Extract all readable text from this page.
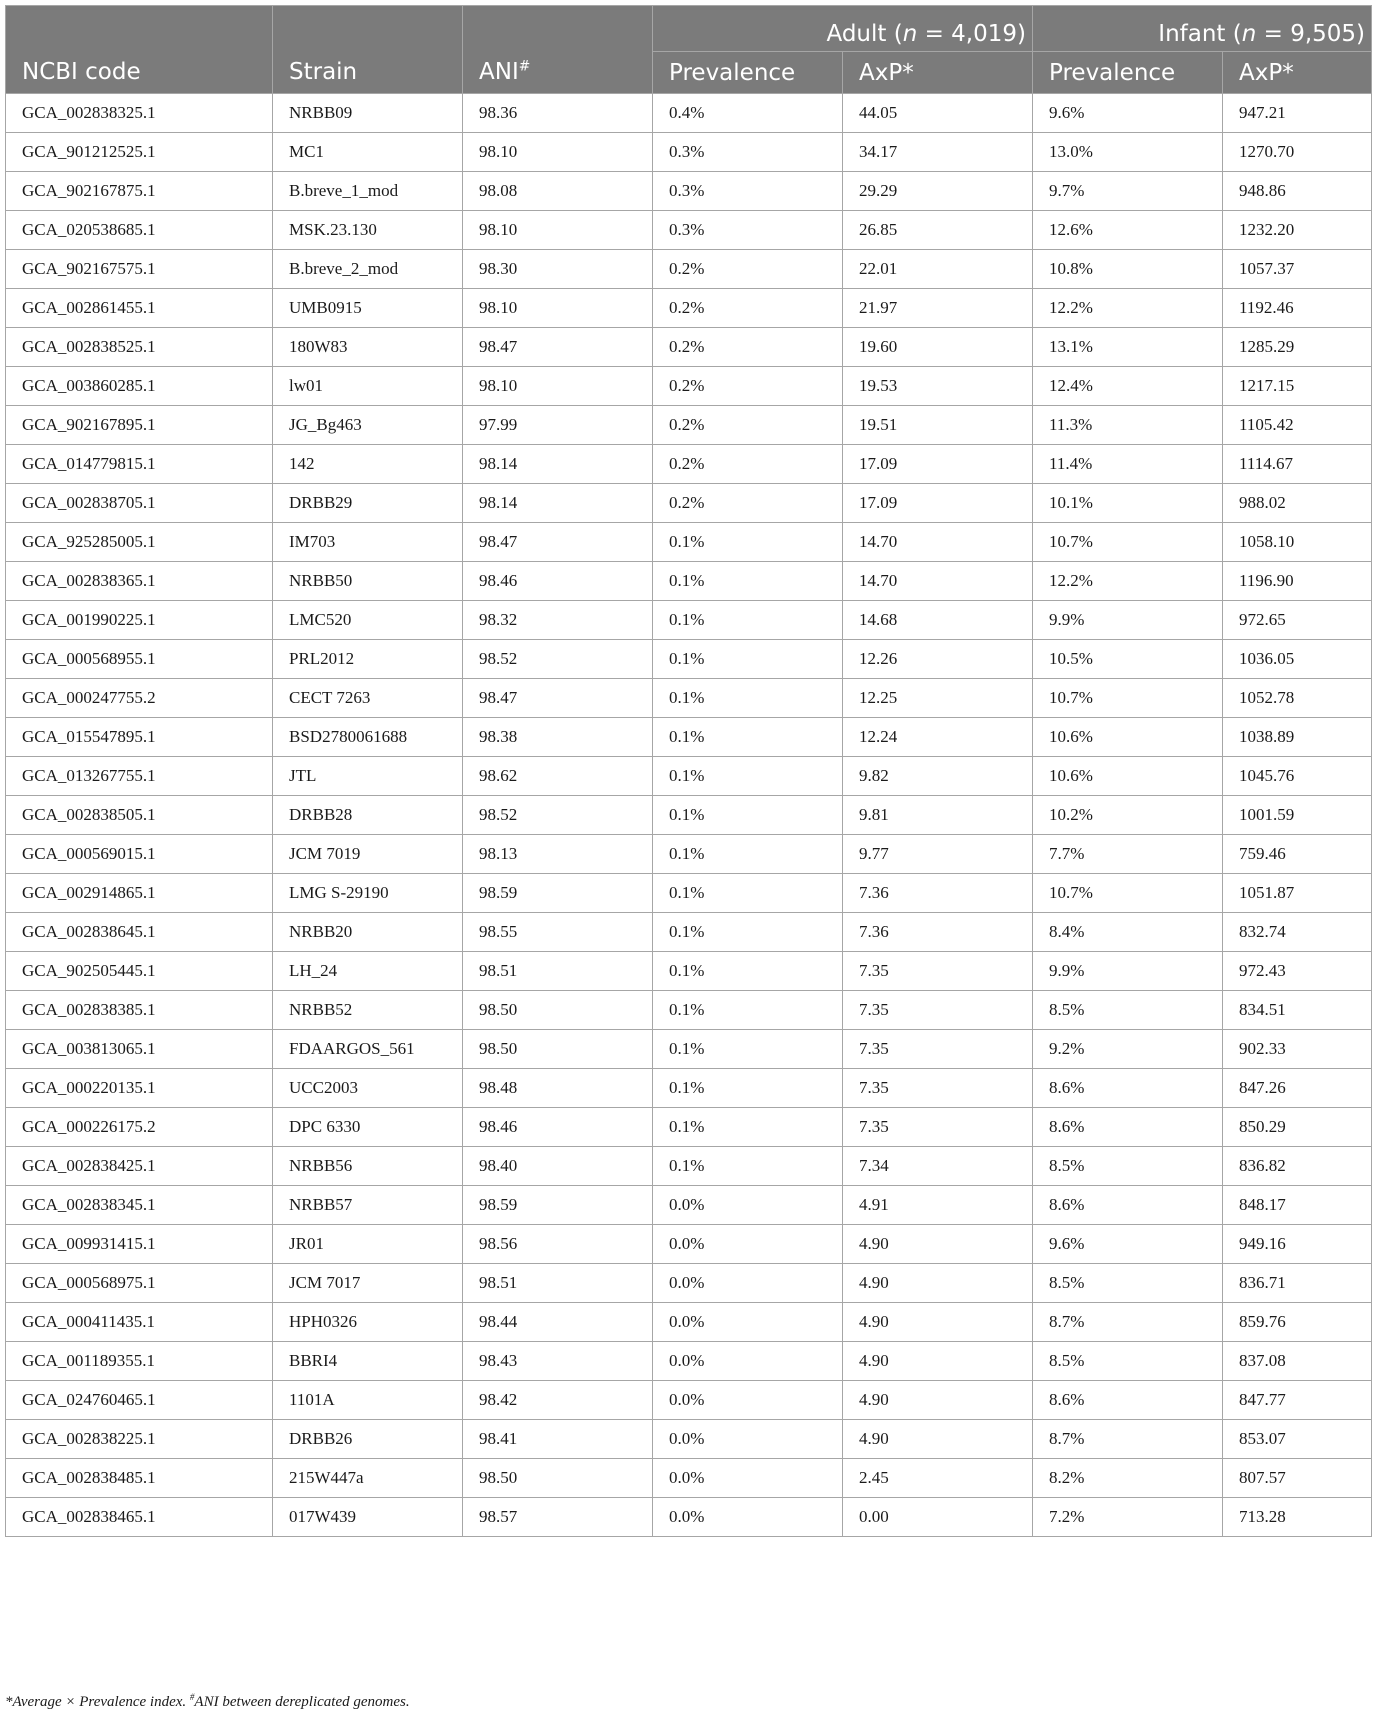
			Adult (n = 4,019)		Infant (n = 9,505)	
NCBI code	Strain	ANI#	Prevalence	AxP*	Prevalence	AxP*
GCA_002838325.1	NRBB09	98.36	0.4%	44.05	9.6%	947.21
GCA_901212525.1	MC1	98.10	0.3%	34.17	13.0%	1270.70
GCA_902167875.1	B.breve_1_mod	98.08	0.3%	29.29	9.7%	948.86
GCA_020538685.1	MSK.23.130	98.10	0.3%	26.85	12.6%	1232.20
GCA_902167575.1	B.breve_2_mod	98.30	0.2%	22.01	10.8%	1057.37
GCA_002861455.1	UMB0915	98.10	0.2%	21.97	12.2%	1192.46
GCA_002838525.1	180W83	98.47	0.2%	19.60	13.1%	1285.29
GCA_003860285.1	lw01	98.10	0.2%	19.53	12.4%	1217.15
GCA_902167895.1	JG_Bg463	97.99	0.2%	19.51	11.3%	1105.42
GCA_014779815.1	142	98.14	0.2%	17.09	11.4%	1114.67
GCA_002838705.1	DRBB29	98.14	0.2%	17.09	10.1%	988.02
GCA_925285005.1	IM703	98.47	0.1%	14.70	10.7%	1058.10
GCA_002838365.1	NRBB50	98.46	0.1%	14.70	12.2%	1196.90
GCA_001990225.1	LMC520	98.32	0.1%	14.68	9.9%	972.65
GCA_000568955.1	PRL2012	98.52	0.1%	12.26	10.5%	1036.05
GCA_000247755.2	CECT 7263	98.47	0.1%	12.25	10.7%	1052.78
GCA_015547895.1	BSD2780061688	98.38	0.1%	12.24	10.6%	1038.89
GCA_013267755.1	JTL	98.62	0.1%	9.82	10.6%	1045.76
GCA_002838505.1	DRBB28	98.52	0.1%	9.81	10.2%	1001.59
GCA_000569015.1	JCM 7019	98.13	0.1%	9.77	7.7%	759.46
GCA_002914865.1	LMG S-29190	98.59	0.1%	7.36	10.7%	1051.87
GCA_002838645.1	NRBB20	98.55	0.1%	7.36	8.4%	832.74
GCA_902505445.1	LH_24	98.51	0.1%	7.35	9.9%	972.43
GCA_002838385.1	NRBB52	98.50	0.1%	7.35	8.5%	834.51
GCA_003813065.1	FDAARGOS_561	98.50	0.1%	7.35	9.2%	902.33
GCA_000220135.1	UCC2003	98.48	0.1%	7.35	8.6%	847.26
GCA_000226175.2	DPC 6330	98.46	0.1%	7.35	8.6%	850.29
GCA_002838425.1	NRBB56	98.40	0.1%	7.34	8.5%	836.82
GCA_002838345.1	NRBB57	98.59	0.0%	4.91	8.6%	848.17
GCA_009931415.1	JR01	98.56	0.0%	4.90	9.6%	949.16
GCA_000568975.1	JCM 7017	98.51	0.0%	4.90	8.5%	836.71
GCA_000411435.1	HPH0326	98.44	0.0%	4.90	8.7%	859.76
GCA_001189355.1	BBRI4	98.43	0.0%	4.90	8.5%	837.08
GCA_024760465.1	1101A	98.42	0.0%	4.90	8.6%	847.77
GCA_002838225.1	DRBB26	98.41	0.0%	4.90	8.7%	853.07
GCA_002838485.1	215W447a	98.50	0.0%	2.45	8.2%	807.57
GCA_002838465.1	017W439	98.57	0.0%	0.00	7.2%	713.28
*Average × Prevalence index. #ANI between dereplicated genomes.
